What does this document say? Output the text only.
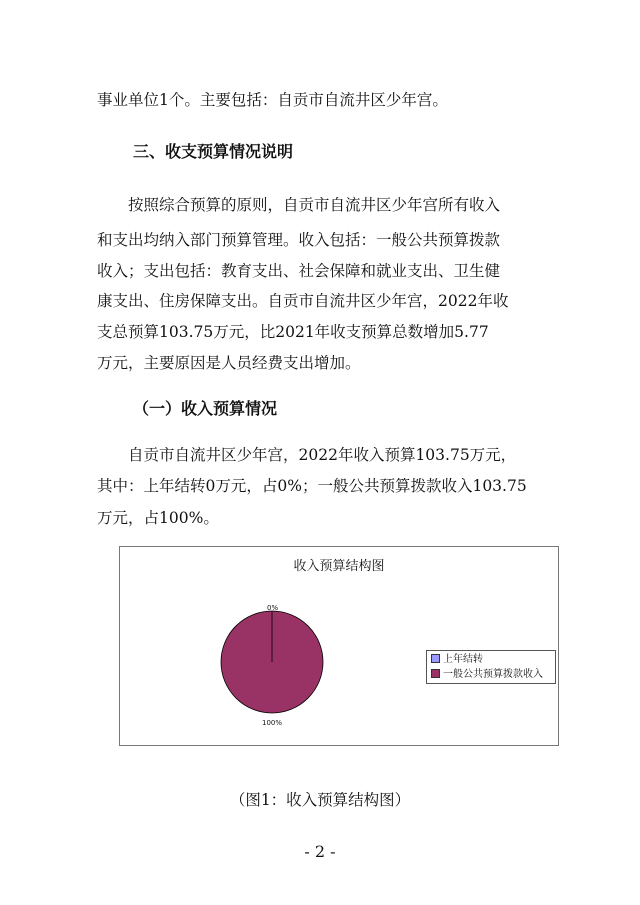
事业单位1个。主要包括：自贡市自流井区少年宫。

三、收支预算情况说明

　　按照综合预算的原则，自贡市自流井区少年宫所有收入

和支出均纳入部门预算管理。收入包括：一般公共预算拨款

收入；支出包括：教育支出、社会保障和就业支出、卫生健

康支出、住房保障支出。自贡市自流井区少年宫，2022年收

支总预算103.75万元，比2021年收支预算总数增加5.77

万元，主要原因是人员经费支出增加。

（一）收入预算情况

　　自贡市自流井区少年宫，2022年收入预算103.75万元，

其中：上年结转0万元，占0%；一般公共预算拨款收入103.75

万元，占100%。

收入预算结构图
0%
100%
上年结转
一般公共预算拨款收入
（图1：收入预算结构图）
- 2 -
